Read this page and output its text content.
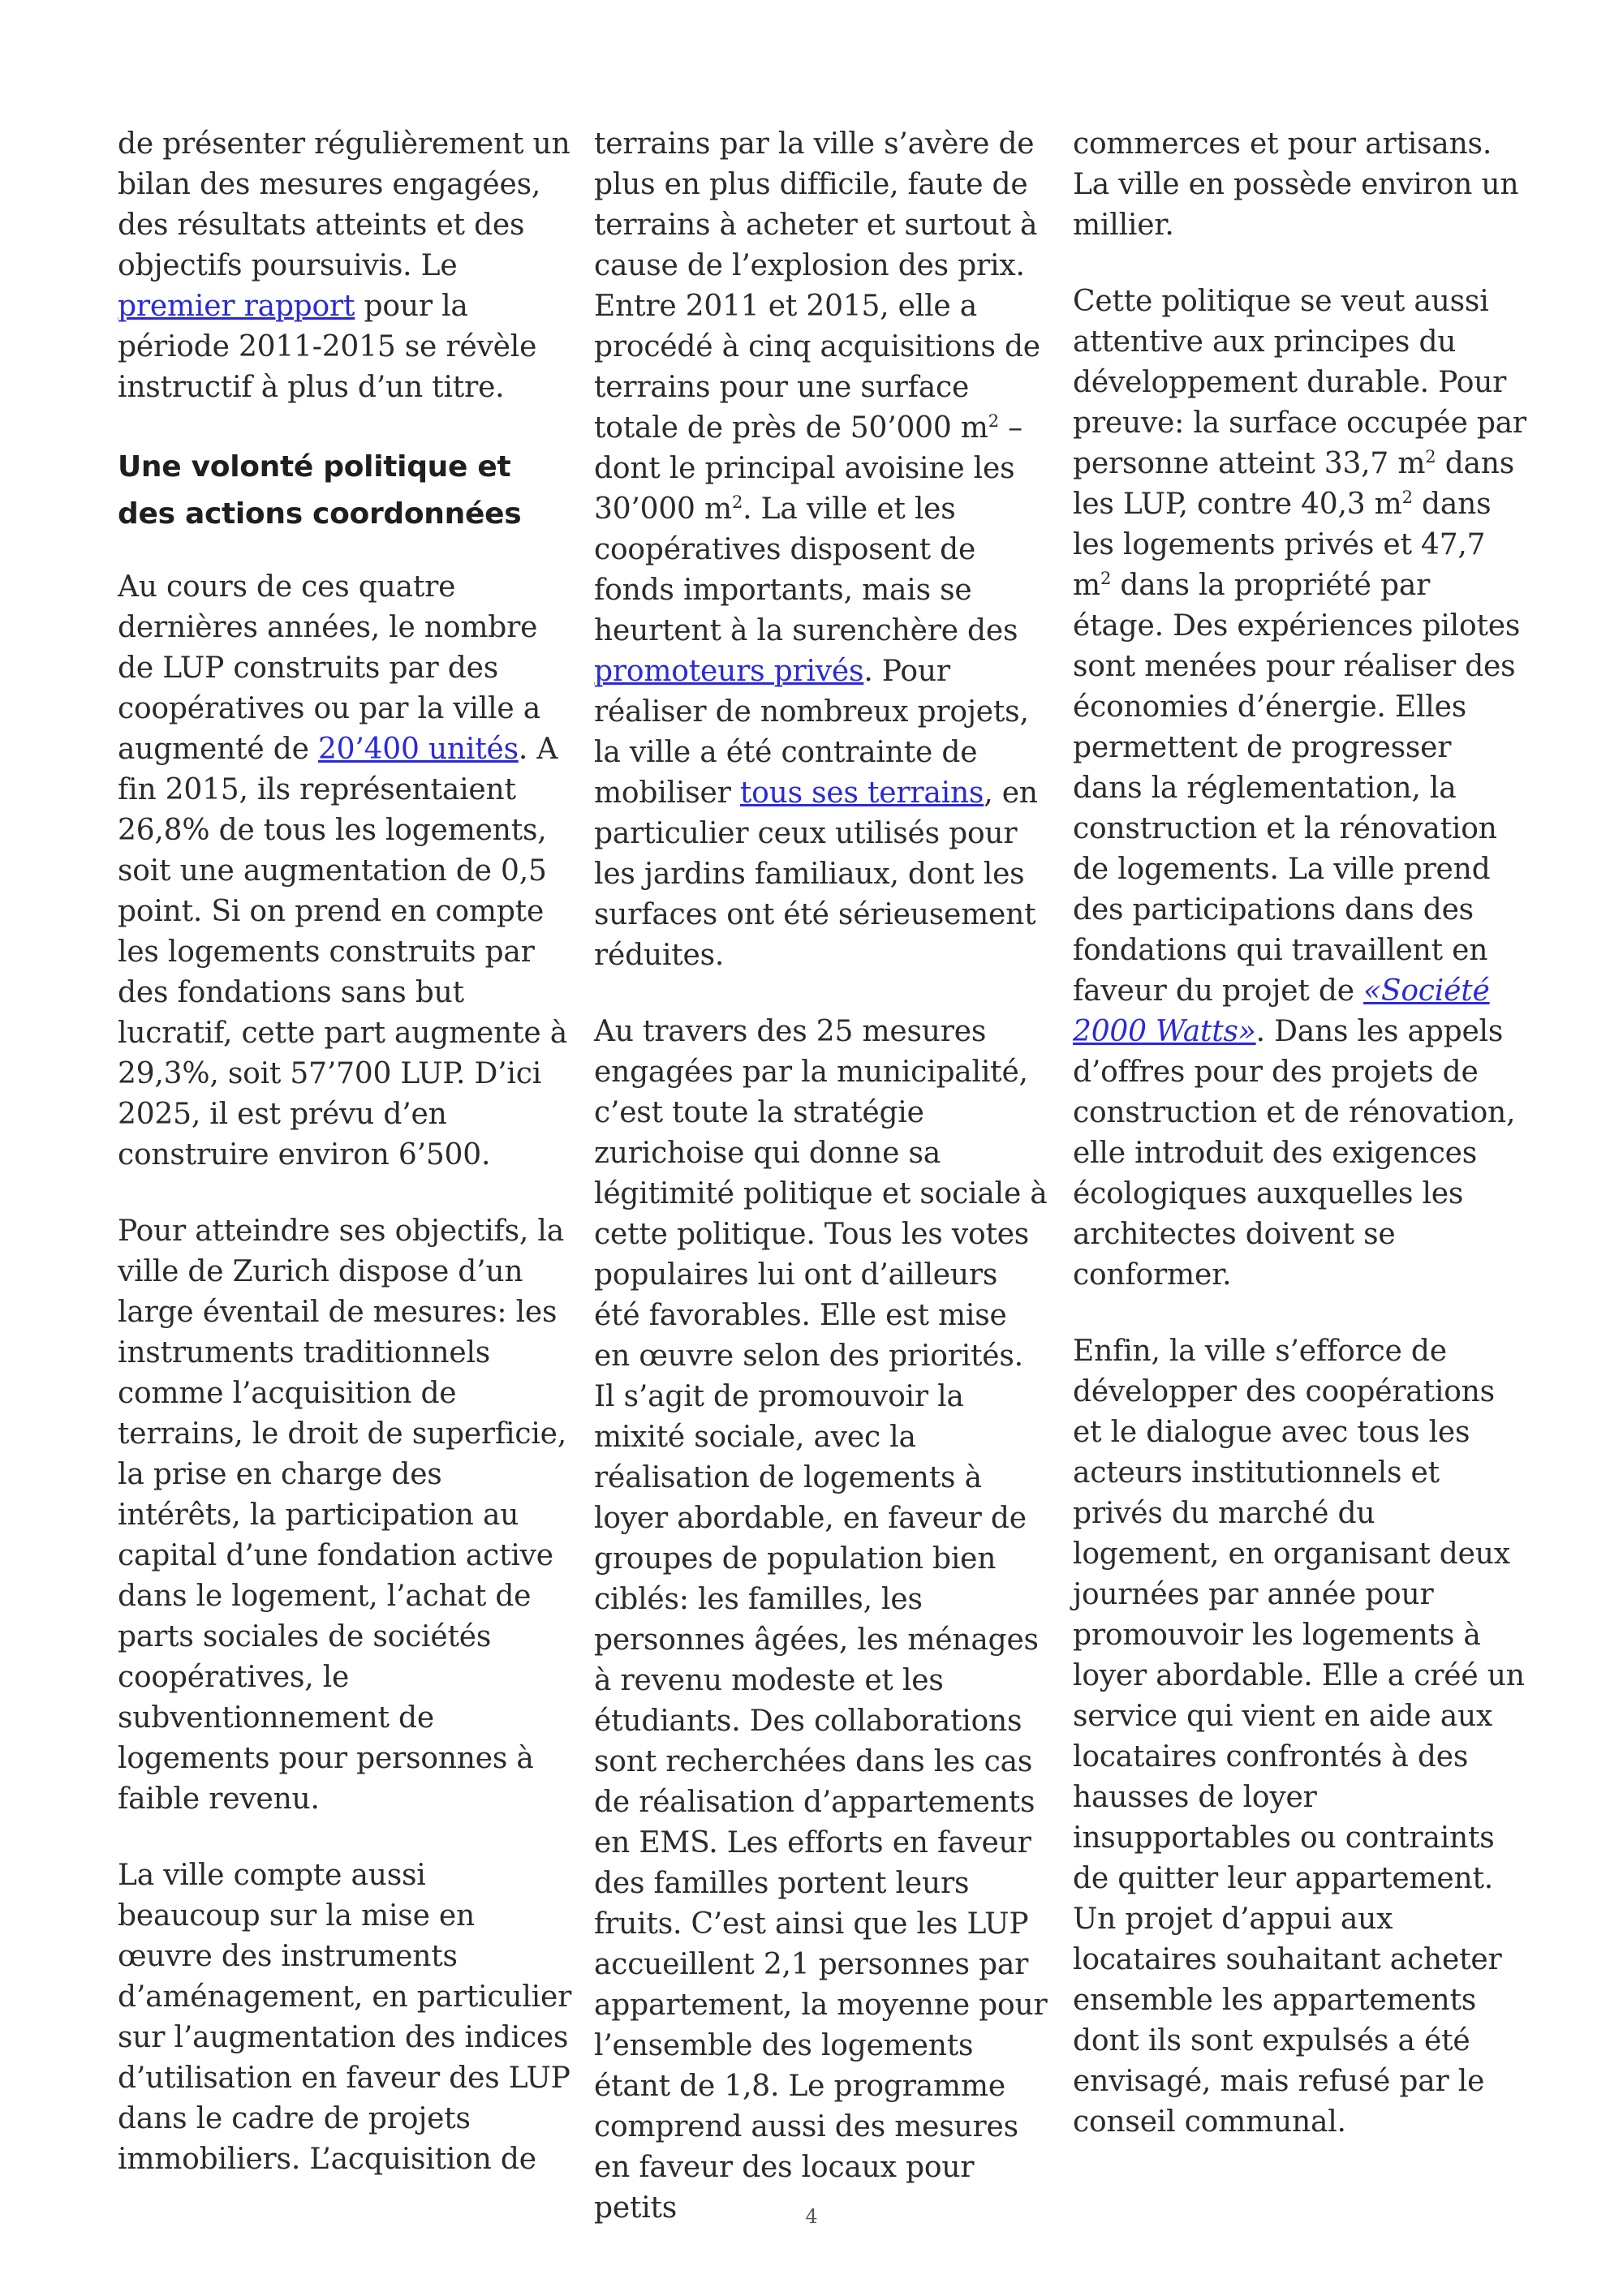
de présenter régulièrement un bilan des mesures engagées, des résultats atteints et des objectifs poursuivis. Le premier rapport pour la période 2011-2015 se révèle instructif à plus d’un titre.

Une volonté politique et des actions coordonnées

Au cours de ces quatre dernières années, le nombre de LUP construits par des coopératives ou par la ville a augmenté de 20’400 unités. A fin 2015, ils représentaient 26,8% de tous les logements, soit une augmentation de 0,5 point. Si on prend en compte les logements construits par des fondations sans but lucratif, cette part augmente à 29,3%, soit 57’700 LUP. D’ici 2025, il est prévu d’en construire environ 6’500.

Pour atteindre ses objectifs, la ville de Zurich dispose d’un large éventail de mesures: les instruments traditionnels comme l’acquisition de terrains, le droit de superficie, la prise en charge des intérêts, la participation au capital d’une fondation active dans le logement, l’achat de parts sociales de sociétés coopératives, le subventionnement de logements pour personnes à faible revenu.

La ville compte aussi beaucoup sur la mise en œuvre des instruments d’aménagement, en particulier sur l’augmentation des indices d’utilisation en faveur des LUP dans le cadre de projets immobiliers. L’acquisition de

terrains par la ville s’avère de plus en plus difficile, faute de terrains à acheter et surtout à cause de l’explosion des prix. Entre 2011 et 2015, elle a procédé à cinq acquisitions de terrains pour une surface totale de près de 50’000 $m^2$ – dont le principal avoisine les 30’000 $m^2$. La ville et les coopératives disposent de fonds importants, mais se heurtent à la surenchère des promoteurs privés. Pour réaliser de nombreux projets, la ville a été contrainte de mobiliser tous ses terrains, en particulier ceux utilisés pour les jardins familiaux, dont les surfaces ont été sérieusement réduites.

Au travers des 25 mesures engagées par la municipalité, c’est toute la stratégie zurichoise qui donne sa légitimité politique et sociale à cette politique. Tous les votes populaires lui ont d’ailleurs été favorables. Elle est mise en œuvre selon des priorités. Il s’agit de promouvoir la mixité sociale, avec la réalisation de logements à loyer abordable, en faveur de groupes de population bien ciblés: les familles, les personnes âgées, les ménages à revenu modeste et les étudiants. Des collaborations sont recherchées dans les cas de réalisation d’appartements en EMS. Les efforts en faveur des familles portent leurs fruits. C’est ainsi que les LUP accueillent 2,1 personnes par appartement, la moyenne pour l’ensemble des logements étant de 1,8. Le programme comprend aussi des mesures en faveur des locaux pour petits

commerces et pour artisans. La ville en possède environ un millier.

Cette politique se veut aussi attentive aux principes du développement durable. Pour preuve: la surface occupée par personne atteint 33,7 $m^2$ dans les LUP, contre 40,3 $m^2$ dans les logements privés et 47,7 $m^2$ dans la propriété par étage. Des expériences pilotes sont menées pour réaliser des économies d’énergie. Elles permettent de progresser dans la réglementation, la construction et la rénovation de logements. La ville prend des participations dans des fondations qui travaillent en faveur du projet de «Société 2000 Watts». Dans les appels d’offres pour des projets de construction et de rénovation, elle introduit des exigences écologiques auxquelles les architectes doivent se conformer.

Enfin, la ville s’efforce de développer des coopérations et le dialogue avec tous les acteurs institutionnels et privés du marché du logement, en organisant deux journées par année pour promouvoir les logements à loyer abordable. Elle a créé un service qui vient en aide aux locataires confrontés à des hausses de loyer insupportables ou contraints de quitter leur appartement. Un projet d’appui aux locataires souhaitant acheter ensemble les appartements dont ils sont expulsés a été envisagé, mais refusé par le conseil communal.

4
